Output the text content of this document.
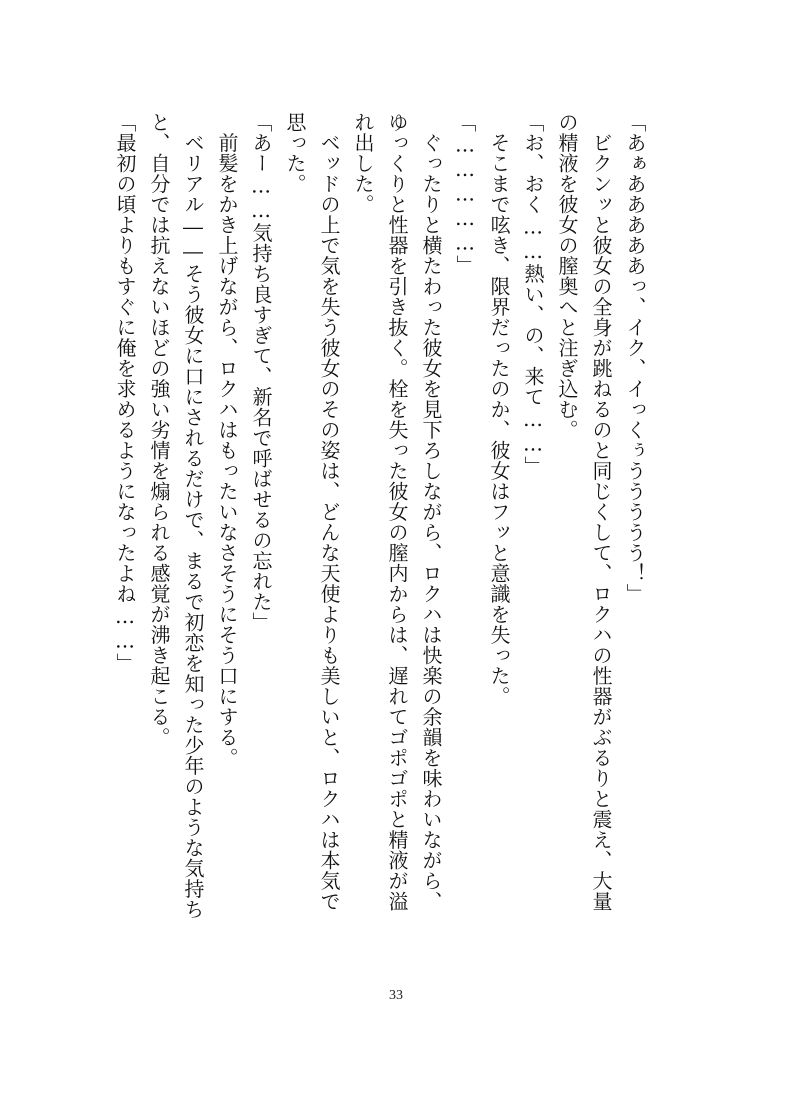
「あぁあああああっ、イク、イっくぅううううう！」
　ビクンッと彼女の全身が跳ねるのと同じくして、ロクハの性器がぶるりと震え、大量
の精液を彼女の膣奥へと注ぎ込む。
「お、おく……熱い、の、来て……」
　そこまで呟き、限界だったのか、彼女はフッと意識を失った。
「……………」
　ぐったりと横たわった彼女を見下ろしながら、ロクハは快楽の余韻を味わいながら、
ゆっくりと性器を引き抜く。栓を失った彼女の膣内からは、遅れてゴポゴポと精液が溢
れ出した。
　ベッドの上で気を失う彼女のその姿は、どんな天使よりも美しいと、ロクハは本気で
思った。
「あー……気持ち良すぎて、新名で呼ばせるの忘れた」
　前髪をかき上げながら、ロクハはもったいなさそうにそう口にする。
　ベリアル――そう彼女に口にされるだけで、まるで初恋を知った少年のような気持ち
と、自分では抗えないほどの強い劣情を煽られる感覚が沸き起こる。
「最初の頃よりもすぐに俺を求めるようになったよね……」
33
